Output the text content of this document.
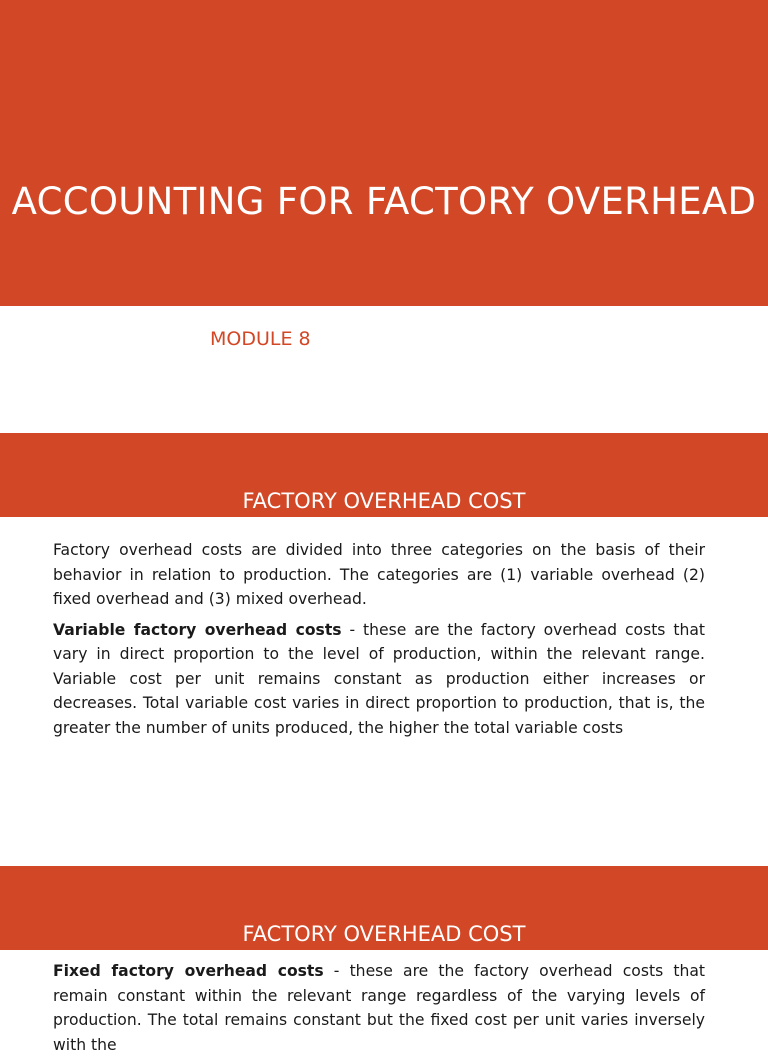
ACCOUNTING FOR FACTORY OVERHEAD
MODULE 8
FACTORY OVERHEAD COST

Factory overhead costs are divided into three categories on the basis of their behavior in relation to production. The categories are (1) variable overhead (2) fixed overhead and (3) mixed overhead.

Variable factory overhead costs - these are the factory overhead costs that vary in direct proportion to the level of production, within the relevant range. Variable cost per unit remains constant as production either increases or decreases. Total variable cost varies in direct proportion to production, that is, the greater the number of units produced, the higher the total variable costs

FACTORY OVERHEAD COST

Fixed factory overhead costs - these are the factory overhead costs that remain constant within the relevant range regardless of the varying levels of production. The total remains constant but the fixed cost per unit varies inversely with the
